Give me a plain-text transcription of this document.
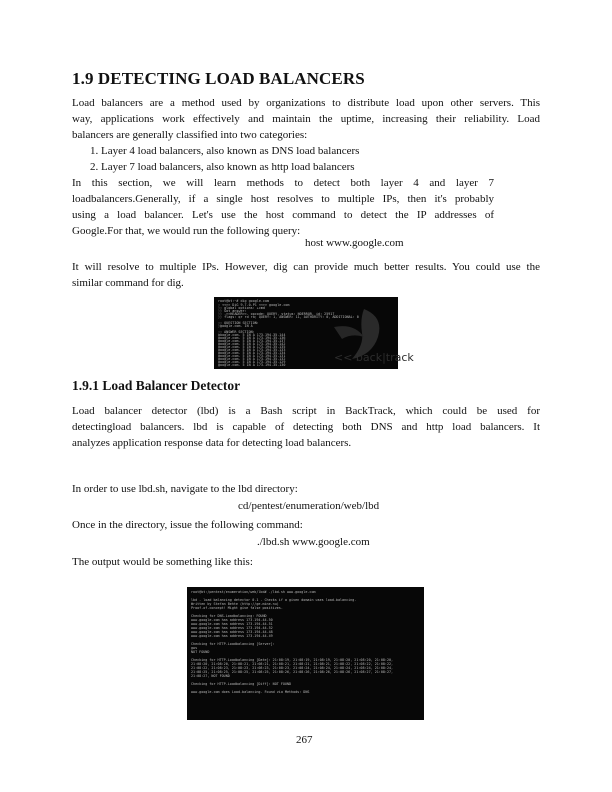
1.9 DETECTING LOAD BALANCERS
Load balancers are a method used by organizations to distribute load upon other servers. This
way, applications work effectively and maintain the uptime, increasing their reliability. Load
balancers are generally classified into two categories:
1. Layer 4 load balancers, also known as DNS load balancers
2. Layer 7 load balancers, also known as http load balancers
In this section, we will learn methods to detect both layer 4 and layer 7
loadbalancers.Generally, if a single host resolves to multiple IPs, then it's probably
using a load balancer. Let's use the host command to detect the IP addresses of
Google.For that, we would run the following query:
host www.google.com
It will resolve to multiple IPs. However, dig can provide much better results. You could use the
similar command for dig.
<< back|track
root@bt:~# dig google.com
; <<>> DiG 9.7.0-P1 <<>> google.com
;; global options: +cmd
;; Got answer:
;; ->>HEADER<<- opcode: QUERY, status: NOERROR, id: 25917
;; flags: qr rd ra; QUERY: 1, ANSWER: 11, AUTHORITY: 0, ADDITIONAL: 0
;; QUESTION SECTION:
;google.com. IN A
;; ANSWER SECTION:
google.com. 5 IN A 173.194.35.144
google.com. 5 IN A 173.194.35.136
google.com. 5 IN A 173.194.35.137
google.com. 5 IN A 173.194.35.142
google.com. 5 IN A 173.194.35.135
google.com. 5 IN A 173.194.35.133
google.com. 5 IN A 173.194.35.134
google.com. 5 IN A 173.194.35.131
google.com. 5 IN A 173.194.35.132
google.com. 5 IN A 173.194.35.129
google.com. 5 IN A 173.194.35.130
1.9.1 Load Balancer Detector
Load balancer detector (lbd) is a Bash script in BackTrack, which could be used for
detectingload balancers. lbd is capable of detecting both DNS and http load balancers. It
analyzes application response data for detecting load balancers.
In order to use lbd.sh, navigate to the lbd directory:
cd/pentest/enumeration/web/lbd
Once in the directory, issue the following command:
./lbd.sh www.google.com
The output would be something like this:
root@bt:/pentest/enumeration/web/lbd# ./lbd.sh www.google.com
lbd - load balancing detector 0.1 - Checks if a given domain uses load-balancing.
Written by Stefan Behte (http://ge.mine.nu)
Proof-of-concept! Might give false positives.
Checking for DNS-Loadbalancing: FOUND
www.google.com has address 173.194.44.50
www.google.com has address 173.194.44.51
www.google.com has address 173.194.44.52
www.google.com has address 173.194.44.48
www.google.com has address 173.194.44.49
Checking for HTTP-Loadbalancing [Server]:
gws
NOT FOUND
Checking for HTTP-Loadbalancing [Date]: 21:08:19, 21:08:19, 21:08:19, 21:08:20, 21:08:20, 21:08:20,
21:08:20, 21:08:20, 21:08:21, 21:08:21, 21:08:21, 21:08:21, 21:08:21, 21:08:22, 21:08:22, 21:08:22,
21:08:22, 21:08:23, 21:08:23, 21:08:23, 21:08:23, 21:08:24, 21:08:24, 21:08:24, 21:08:24, 21:08:24,
21:08:25, 21:08:25, 21:08:25, 21:08:25, 21:08:26, 21:08:26, 21:08:26, 21:08:26, 21:08:27, 21:08:27,
21:08:27, NOT FOUND
Checking for HTTP-Loadbalancing [Diff]: NOT FOUND
www.google.com does Load-balancing. Found via Methods: DNS
267
